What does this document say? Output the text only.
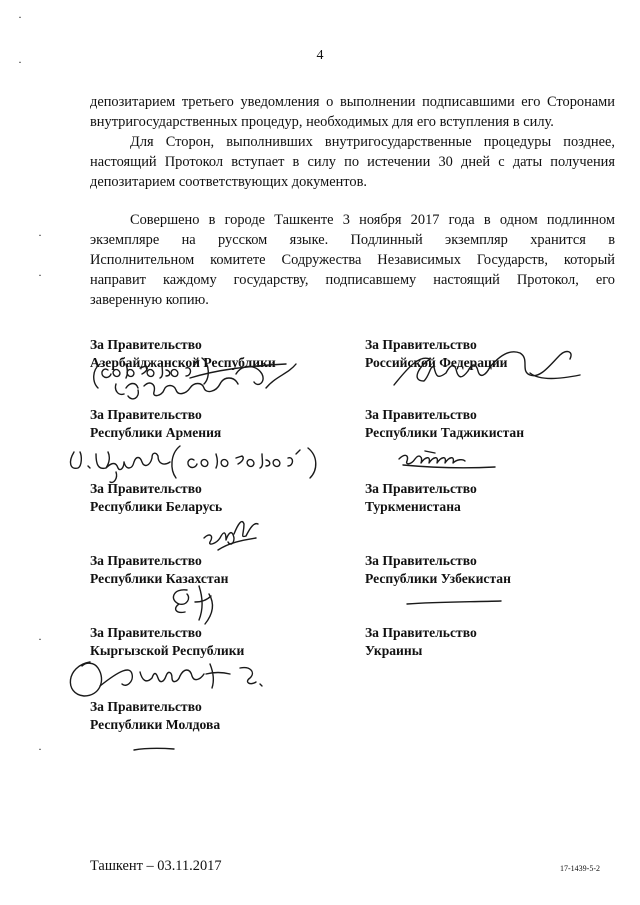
4
депозитарием третьего уведомления о выполнении подписавшими его Сторонами
внутригосударственных процедур, необходимых для его вступления в силу.
Для Сторон, выполнивших внутригосударственные процедуры позднее,
настоящий Протокол вступает в силу по истечении 30 дней с даты получения
депозитарием соответствующих документов.
Совершено в городе Ташкенте 3 ноября 2017 года в одном подлинном
экземпляре на русском языке. Подлинный экземпляр хранится в
Исполнительном комитете Содружества Независимых Государств, который
направит каждому государству, подписавшему настоящий Протокол, его
заверенную копию.
·
·
·
·
·
·
За Правительство
Азербайджанской Республики
За Правительство
Республики Армения
За Правительство
Республики Беларусь
За Правительство
Республики Казахстан
За Правительство
Кыргызской Республики
За Правительство
Республики Молдова
За Правительство
Российской Федерации
За Правительство
Республики Таджикистан
За Правительство
Туркменистана
За Правительство
Республики Узбекистан
За Правительство
Украины
Ташкент – 03.11.2017	17-1439-5-2
